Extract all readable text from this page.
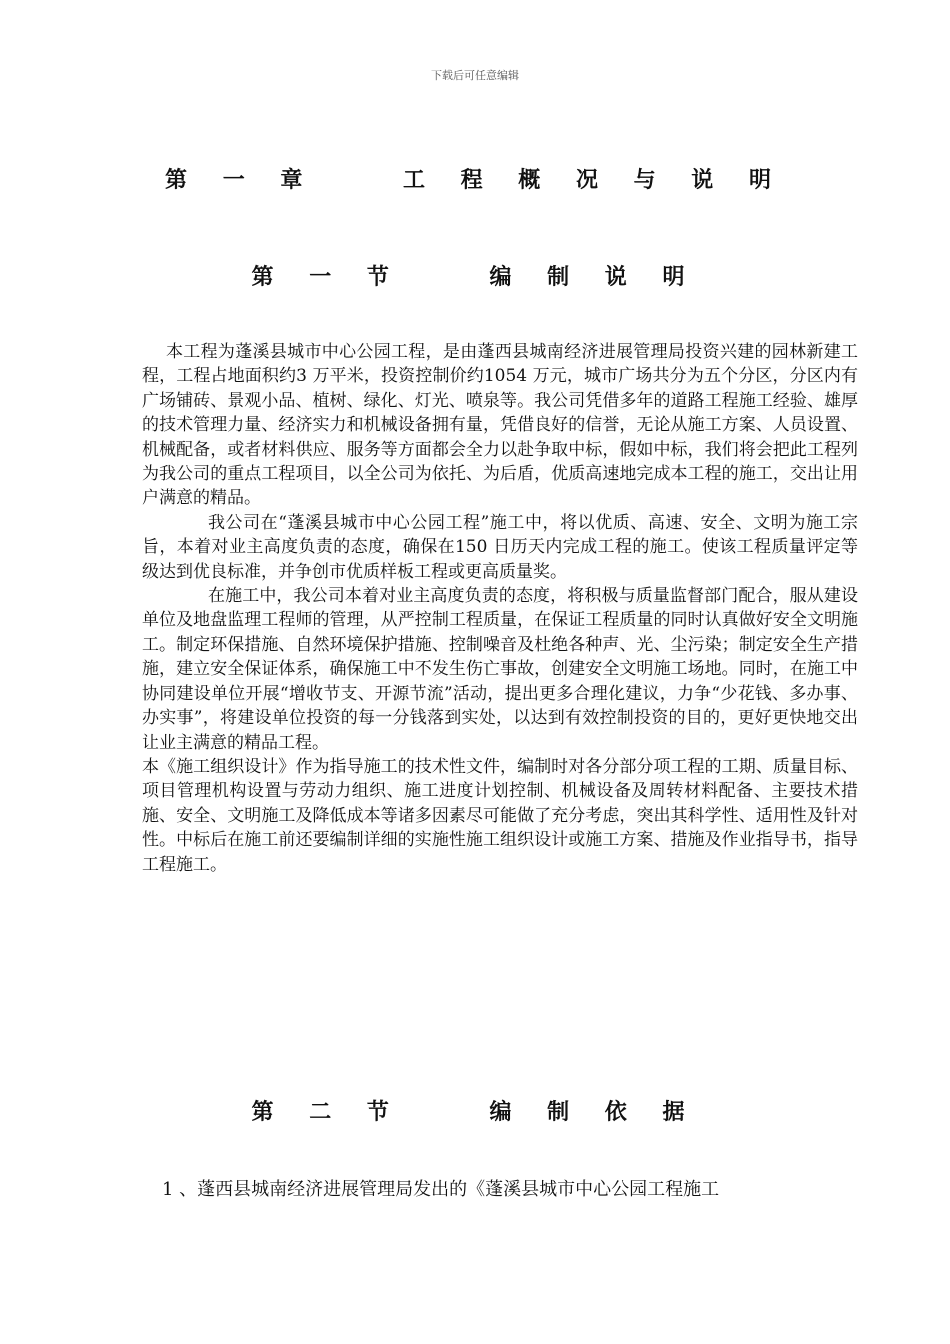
下载后可任意编辑
第 一 章    工 程 概 况 与 说 明
第 一 节    编 制 说 明

本工程为蓬溪县城市中心公园工程，是由蓬西县城南经济进展管理局投资兴建的园林新建工程，工程占地面积约3 万平米，投资控制价约1054 万元，城市广场共分为五个分区，分区内有广场铺砖、景观小品、植树、绿化、灯光、喷泉等。我公司凭借多年的道路工程施工经验、雄厚的技术管理力量、经济实力和机械设备拥有量，凭借良好的信誉，无论从施工方案、人员设置、机械配备，或者材料供应、服务等方面都会全力以赴争取中标，假如中标，我们将会把此工程列为我公司的重点工程项目，以全公司为依托、为后盾，优质高速地完成本工程的施工，交出让用户满意的精品。

我公司在“蓬溪县城市中心公园工程”施工中，将以优质、高速、安全、文明为施工宗旨，本着对业主高度负责的态度，确保在150 日历天内完成工程的施工。使该工程质量评定等级达到优良标准，并争创市优质样板工程或更高质量奖。

在施工中，我公司本着对业主高度负责的态度，将积极与质量监督部门配合，服从建设单位及地盘监理工程师的管理，从严控制工程质量，在保证工程质量的同时认真做好安全文明施工。制定环保措施、自然环境保护措施、控制噪音及杜绝各种声、光、尘污染；制定安全生产措施，建立安全保证体系，确保施工中不发生伤亡事故，创建安全文明施工场地。同时，在施工中协同建设单位开展“增收节支、开源节流”活动，提出更多合理化建议，力争“少花钱、多办事、办实事”，将建设单位投资的每一分钱落到实处，以达到有效控制投资的目的，更好更快地交出让业主满意的精品工程。

本《施工组织设计》作为指导施工的技术性文件，编制时对各分部分项工程的工期、质量目标、项目管理机构设置与劳动力组织、施工进度计划控制、机械设备及周转材料配备、主要技术措施、安全、文明施工及降低成本等诸多因素尽可能做了充分考虑，突出其科学性、适用性及针对性。中标后在施工前还要编制详细的实施性施工组织设计或施工方案、措施及作业指导书，指导工程施工。

第 二 节    编 制 依 据
1 、蓬西县城南经济进展管理局发出的《蓬溪县城市中心公园工程施工
